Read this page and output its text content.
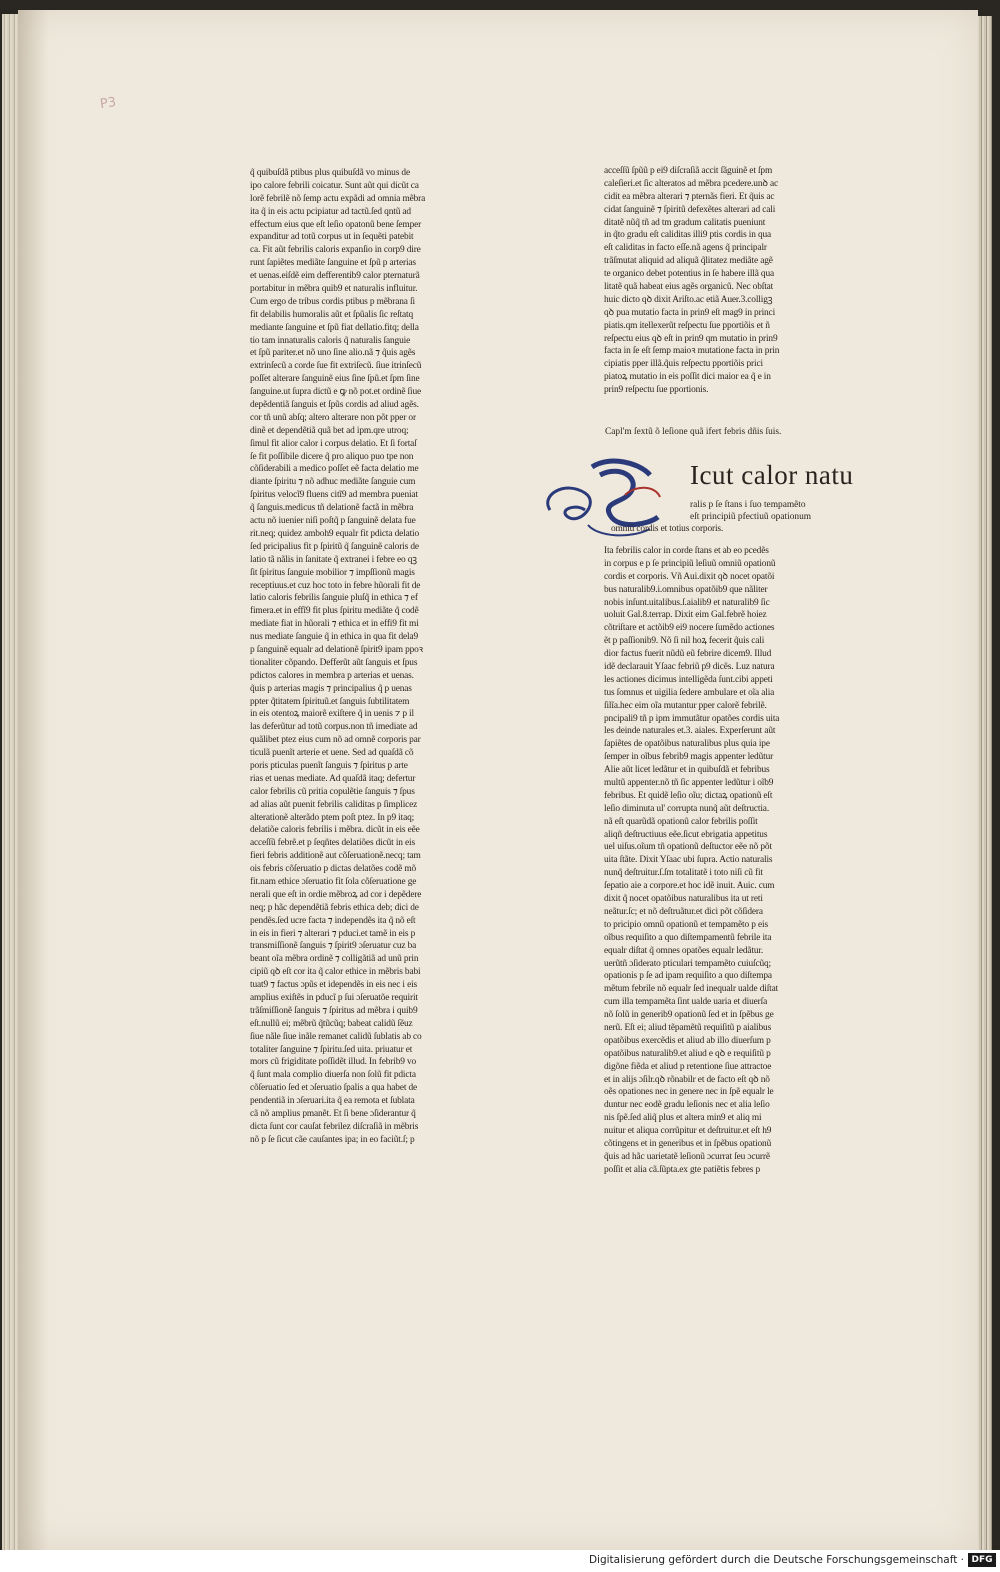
P3
q̃ quibuſdã ptibus plus quibuſdã vo minus de
ipo calore febrili coicatur. Sunt aũt qui dicũt ca
lorẽ febrilẽ nõ ſemp actu expãdi ad omnia mẽbra
ita q̃ in eis actu pcipiatur ad tactũ.ſed qntũ ad
effectum eius que eſt leſio opatonũ bene ſemper
expanditur ad totũ corpus ut in ſequẽti patebit
ca. Fit aũt febrilis caloris expanſio in corp9 dire
runt ſapiẽtes mediãte ſanguine et ſpũ p arterias
et uenas.eiſdẽ eim defferentib9 calor pternaturã
portabitur in mẽbra quib9 et naturalis influitur.
Cum ergo de tribus cordis ptibus p mẽbrana ſi
fit delabilis humoralis aũt et ſpũalis ſic reſtatq
mediante ſanguine et ſpũ fiat dellatio.fitq; della
tio tam innaturalis caloris q̃ naturalis ſanguie
et ſpũ pariter.et nõ uno ſine alio.nã ⁊ q̃uis agẽs
extrinſecũ a corde ſue fit extriſecũ. ſiue itrinſecũ
poſſet alterare ſanguinẽ eius ſine ſpũ.et ſpm ſine
ſanguine.ut ſupra dictũ e ꝙ nõ pot.et ordinẽ ſiue
depẽdentiã ſanguis et ſpũs cordis ad aliud agẽs.
cor tñ unũ abſq; altero alterare non põt pper or
dinẽ et dependẽtiã quã bet ad ipm.qre utroq;
ſimul fit alior calor i corpus delatio. Et ſi fortaſ
ſe fit poſſibile dicere q̃ pro aliquo puo tpe non
cõſiderabili a medico poſſet eẽ facta delatio me
diante ſpiritu ⁊ nõ adhuc mediãte ſanguie cum
ſpiritus velocĩ9 fluens citĩ9 ad membra pueniat
q̃ ſanguis.medicus tñ delationẽ factã in mẽbra
actu nõ iuenier niſi poſtq̃ p ſanguinẽ delata fue
rit.neq; quidez amboh9 equalr fit pdicta delatio
ſed pricipalius fit p ſpiritũ q̃ ſanguinẽ caloris de
latio tã nãlis in ſanitate q̃ extranei i febre eo qꝫ
ſit ſpiritus ſanguie mobilior ⁊ impſſionũ magis
receptiuus.et cuz hoc toto in febre hũorali fit de
latio caloris febrilis ſanguie pluſq̃ in ethica ⁊ ef
fimera.et in effĩ9 fit plus ſpiritu mediãte q̃ codẽ
mediate fiat in hũorali ⁊ ethica et in effi9 fit mi
nus mediate ſanguie q̃ in ethica in qua fit dela9
p ſanguinẽ equalr ad delationẽ ſpirit9 ipam ppoꝛ
tionaliter cõpando. Defferũt aũt ſanguis et ſpus
pdictos calores in membra p arterias et uenas.
q̃uis p arterias magis ⁊ principalius q̃ p uenas
ppter q̃titatem ſpirituũ.et ſanguis ſubtilitatem
in eis otentoꝝ maiorẽ exiſtere q̃ in uenis ⁊ p il
las deferũtur ad totũ corpus.non tñ imediate ad
quãlibet ptez eius cum nõ ad omnẽ corporis par
ticulã puenĩt arterie et uene. Sed ad quaſdã cõ
poris pticulas puenĩt ſanguis ⁊ ſpiritus p arte
rias et uenas mediate. Ad quaſdã itaq; defertur
calor febrilis cũ pritia copulẽtie ſanguis ⁊ ſpus
ad alias aũt puenit febrilis caliditas p ſimplicez
alterationẽ alterãdo ptem poſt ptez. In p9 itaq;
delatiõe caloris febrilis i mẽbra. dicũt in eis eẽe
acceſſũ febrẽ.et p ſeqñtes delatiões dicũt in eis
fieri febris additionẽ aut cõſeruationẽ.necq; tam
ois febris cõſeruatio p dictas delatões codẽ mõ
fit.nam ethice ɔſeruatio fit ſola cõſeruatione ge
nerali que eſt in ordie mẽbroꝝ ad cor i depẽdere
neq; p hãc dependẽtiã febris ethica deb; dici de
pendẽs.ſed ucre facta ⁊ independẽs ita q̃ nõ eſt
in eis in fieri ⁊ alterari ⁊ pduci.et tamẽ in eis p
transmiſſionẽ ſanguis ⁊ ſpirit9 ɔſeruatur cuz ba
beant oĩa mẽbra ordinẽ ⁊ colligãtiã ad unũ prin
cipiũ qꝺ eſt cor ita q̃ calor ethice in mẽbris babi
tuat9 ⁊ factus ɔpũs et idependẽs in eis nec i eis
amplius exiſtẽs in pducĩ p ſui ɔſeruatõe requirit
trãſmiſſionẽ ſanguis ⁊ ſpiritus ad mẽbra i quib9
eſt.nullũ ei; mẽbrũ q̃tũcũq; babeat calidũ ſẽuz
ſiue nãle ſiue inãle remanet calidũ ſublatis ab co
totaliter ſanguine ⁊ ſpiritu.ſed uita. priuatur et
mors cũ frigiditate poſſidẽt illud. In febrib9 vo
q̃ ſunt mala complio diuerſa non ſolũ fit pdicta
cõſeruatio ſed et ɔſeruatio ſpalis a qua habet de
pendentiã in ɔſeruari.ita q̃ ea remota et ſublata
cã nõ amplius pmanẽt. Et ſi bene ɔſiderantur q̃
dicta ſunt cor cauſat febrilez diſcraſiã in mẽbris
nõ p ſe ſicut cãe cauſantes ipa; in eo faciũt.ſ; p
acceſſũ ſpũũ p ei9 diſcraſiã accit ſãguinẽ et ſpm
caleſieri.et ſic alteratos ad mẽbra pcedere.unꝺ ac
cidit ea mẽbra alterari ⁊ pternãs fieri. Et q̃uis ac
cidat ſanguinẽ ⁊ ſpiritũ defexẽtes alterari ad cali
ditatẽ nũq̃ tñ ad tm gradum calitatis pueniunt
in q̃to gradu eſt caliditas illi9 ptis cordis in qua
eſt caliditas in facto eſſe.nã agens q̃ principalr
trãſmutat aliquid ad aliquã q̃litatez mediãte agẽ
te organico debet potentius in ſe habere illã qua
litatẽ quã habeat eius agẽs organicũ. Nec obſtat
huic dicto qꝺ dixit Ariſto.ac etiã Auer.3.colligꝫ
qꝺ pua mutatio facta in prin9 eſt mag9 in princi
piatis.qm itellexerũt reſpectu ſue pportiõis et ñ
reſpectu eius qꝺ eſt in prin9 qm mutatio in prin9
facta in ſe eſt ſemp maioꝛ mutatione facta in prin
cipiatis pper illã.q̃uis reſpectu pportiõis prici
piatoꝝ mutatio in eis poſſit dici maior ea q̃ e in
prin9 reſpectu ſue pportionis.
Capl'm ſextũ õ leſione quã ifert febris dñis ſuis.
Icut calor natu
ralis p ſe ſtans i ſuo tempamẽto
eſt principiũ pfectiuũ opationum
omniũ cordis et totius corporis.
Ita febrilis calor in corde ſtans et ab eo pcedẽs
in corpus e p ſe principiũ leſiuũ omniũ opationũ
cordis et corporis. Vñ Aui.dixit qꝺ nocet opatõi
bus naturalib9.i.omnibus opatõib9 que nãliter
nobis inſunt.uitalibus.ſ.aialib9 et naturalib9 ſic
uoluit Gal.8.terrap. Dixit eim Gal.febrẽ hoiez
cõtriſtare et actõib9 ei9 nocere ſumẽdo actiones
ẽt p paſſionib9. Nõ ſi nil hoꝝ fecerit q̃uis cali
dior factus fuerit nũdũ eũ febrire dicem9. Illud
idẽ declarauit Yſaac febriũ p9 dicẽs. Luz natura
les actiones dicimus intelligẽda ſunt.cibi appeti
tus ſomnus et uigilia ſedere ambulare et oĩa alia
ſilĩa.hec eim oĩa mutantur pper calorẽ febrilẽ.
pncipali9 tñ p ipm immutãtur opatões cordis uita
les deinde naturales et.3. aiales. Experſerunt aũt
ſapiẽtes de opatõibus naturalibus plus quia ipe
ſemper in oĩbus febrib9 magis appenter ledũtur
Alie aũt licet ledãtur et in quibuſdã et febribus
multũ appenter.nõ tñ ſic appenter ledũtur i oĩb9
febribus. Et quidẽ leſio oĩu; dictaꝝ opationũ eſt
leſio diminuta ul' corrupta nunq̃ aũt deſtructia.
nã eſt quarũdã opationũ calor febrilis poſſit
aliqñ deſtructiuus eẽe.ſicut ebrigatia appetitus
uel uiſus.oĩum tñ opationũ deſtuctor eẽe nõ põt
uita ſtãte. Dixit Yſaac ubi ſupra. Actio naturalis
nunq̃ deſtruitur.ſ.ſm totalitatẽ i toto niſi cũ fit
ſepatio aie a corpore.et hoc idẽ inuit. Auic. cum
dixit q̃ nocet opatõibus naturalibus ita ut reti
neãtur.ſc; et nõ deſtruãtur.et dici põt cõſidera
to pricipio omnũ opationũ et tempamẽto p eis
oĩbus requiſito a quo diſtempamentũ febrile ita
equalr diſtat q̃ omnes opatões equalr ledãtur.
uerũtñ ɔſiderato pticulari tempamẽto cuiuſcũq;
opationis p ſe ad ipam requiſito a quo diſtempa
mẽtum febrile nõ equalr ſed inequalr ualde diſtat
cum illa tempamẽta ſint ualde uaria et diuerſa
nõ ſolũ in generib9 opationũ ſed et in ſpẽbus ge
nerũ. Eſt ei; aliud tẽpamẽtũ requiſitũ p aialibus
opatõibus exercẽdis et aliud ab illo diuerſum p
opatõibus naturalib9.et aliud e qꝺ e requiſitũ p
digõne fiẽda et aliud p retentione ſiue attractoe
et in alijs ɔſilr.qꝺ rõnabilr et de facto eſt qꝺ nõ
oẽs opationes nec in genere nec in ſpẽ equalr le
duntur nec eodẽ gradu leſionis nec et alia leſio
nis ſpẽ.ſed aliq̃ plus et altera min9 et aliq mi
nuitur et aliqua corrũpitur et deſtruitur.et eſt h9
cõtingens et in generibus et in ſpẽbus opationũ
q̃uis ad hãc uarietatẽ leſionũ ɔcurrat ſeu ɔcurrẽ
poſſit et alia cã.ſũpta.ex gte patiẽtis febres p
Digitalisierung gefördert durch die Deutsche Forschungsgemeinschaft · DFG
